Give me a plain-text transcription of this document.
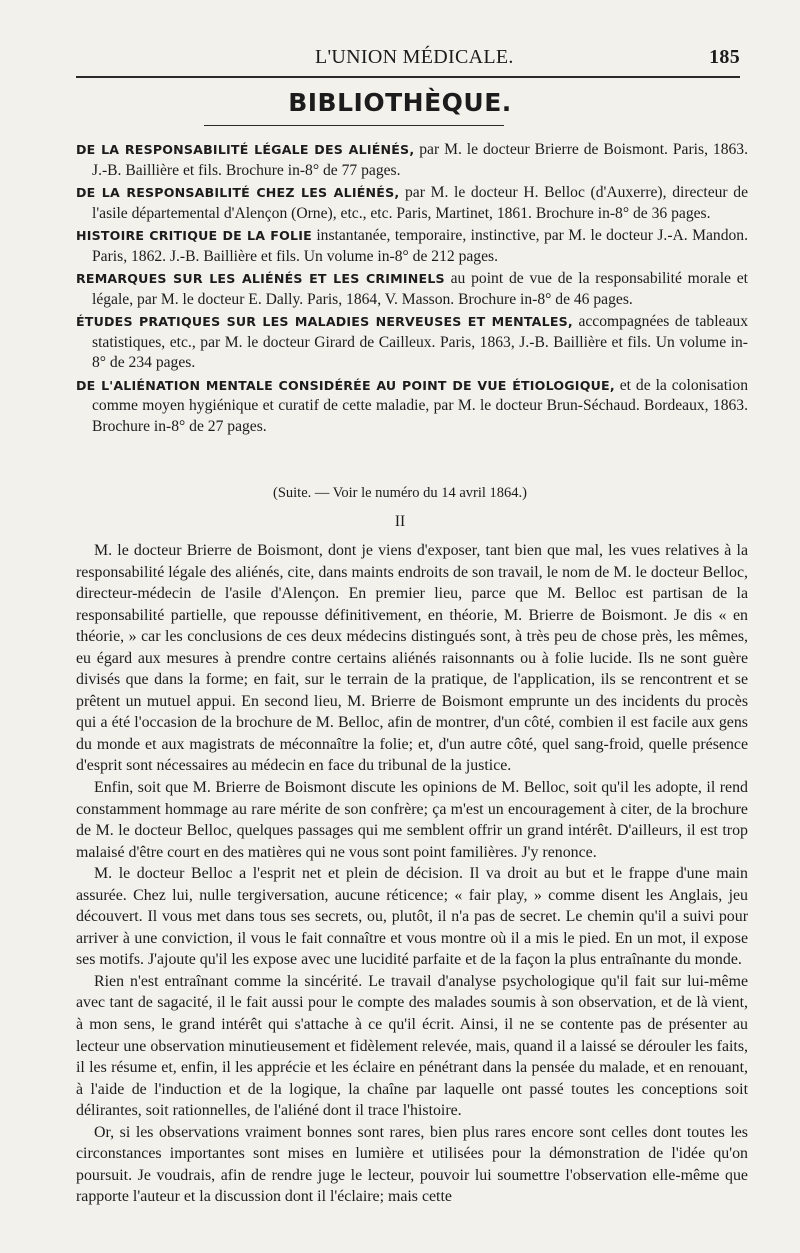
L'UNION MÉDICALE.	185
BIBLIOTHÈQUE.

DE LA RESPONSABILITÉ LÉGALE DES ALIÉNÉS, par M. le docteur Brierre de Boismont. Paris, 1863. J.-B. Baillière et fils. Brochure in-8° de 77 pages.

DE LA RESPONSABILITÉ CHEZ LES ALIÉNÉS, par M. le docteur H. Belloc (d'Auxerre), directeur de l'asile départemental d'Alençon (Orne), etc., etc. Paris, Martinet, 1861. Brochure in-8° de 36 pages.

HISTOIRE CRITIQUE DE LA FOLIE instantanée, temporaire, instinctive, par M. le docteur J.-A. Mandon. Paris, 1862. J.-B. Baillière et fils. Un volume in-8° de 212 pages.

REMARQUES SUR LES ALIÉNÉS ET LES CRIMINELS au point de vue de la responsabilité morale et légale, par M. le docteur E. Dally. Paris, 1864, V. Masson. Brochure in-8° de 46 pages.

ÉTUDES PRATIQUES SUR LES MALADIES NERVEUSES ET MENTALES, accompagnées de tableaux statistiques, etc., par M. le docteur Girard de Cailleux. Paris, 1863, J.-B. Baillière et fils. Un volume in-8° de 234 pages.

DE L'ALIÉNATION MENTALE CONSIDÉRÉE AU POINT DE VUE ÉTIOLOGIQUE, et de la colonisation comme moyen hygiénique et curatif de cette maladie, par M. le docteur Brun-Séchaud. Bordeaux, 1863. Brochure in-8° de 27 pages.

(Suite. — Voir le numéro du 14 avril 1864.)
II

M. le docteur Brierre de Boismont, dont je viens d'exposer, tant bien que mal, les vues relatives à la responsabilité légale des aliénés, cite, dans maints endroits de son travail, le nom de M. le docteur Belloc, directeur-médecin de l'asile d'Alençon. En premier lieu, parce que M. Belloc est partisan de la responsabilité partielle, que repousse définitivement, en théorie, M. Brierre de Boismont. Je dis « en théorie, » car les conclusions de ces deux médecins distingués sont, à très peu de chose près, les mêmes, eu égard aux mesures à prendre contre certains aliénés raisonnants ou à folie lucide. Ils ne sont guère divisés que dans la forme; en fait, sur le terrain de la pratique, de l'application, ils se rencontrent et se prêtent un mutuel appui. En second lieu, M. Brierre de Boismont emprunte un des incidents du procès qui a été l'occasion de la brochure de M. Belloc, afin de montrer, d'un côté, combien il est facile aux gens du monde et aux magistrats de méconnaître la folie; et, d'un autre côté, quel sang-froid, quelle présence d'esprit sont nécessaires au médecin en face du tribunal de la justice.

Enfin, soit que M. Brierre de Boismont discute les opinions de M. Belloc, soit qu'il les adopte, il rend constamment hommage au rare mérite de son confrère; ça m'est un encouragement à citer, de la brochure de M. le docteur Belloc, quelques passages qui me semblent offrir un grand intérêt. D'ailleurs, il est trop malaisé d'être court en des matières qui ne vous sont point familières. J'y renonce.

M. le docteur Belloc a l'esprit net et plein de décision. Il va droit au but et le frappe d'une main assurée. Chez lui, nulle tergiversation, aucune réticence; « fair play, » comme disent les Anglais, jeu découvert. Il vous met dans tous ses secrets, ou, plutôt, il n'a pas de secret. Le chemin qu'il a suivi pour arriver à une conviction, il vous le fait connaître et vous montre où il a mis le pied. En un mot, il expose ses motifs. J'ajoute qu'il les expose avec une lucidité parfaite et de la façon la plus entraînante du monde.

Rien n'est entraînant comme la sincérité. Le travail d'analyse psychologique qu'il fait sur lui-même avec tant de sagacité, il le fait aussi pour le compte des malades soumis à son observation, et de là vient, à mon sens, le grand intérêt qui s'attache à ce qu'il écrit. Ainsi, il ne se contente pas de présenter au lecteur une observation minutieusement et fidèlement relevée, mais, quand il a laissé se dérouler les faits, il les résume et, enfin, il les apprécie et les éclaire en pénétrant dans la pensée du malade, et en renouant, à l'aide de l'induction et de la logique, la chaîne par laquelle ont passé toutes les conceptions soit délirantes, soit rationnelles, de l'aliéné dont il trace l'histoire.

Or, si les observations vraiment bonnes sont rares, bien plus rares encore sont celles dont toutes les circonstances importantes sont mises en lumière et utilisées pour la démonstration de l'idée qu'on poursuit. Je voudrais, afin de rendre juge le lecteur, pouvoir lui soumettre l'observation elle-même que rapporte l'auteur et la discussion dont il l'éclaire; mais cette
